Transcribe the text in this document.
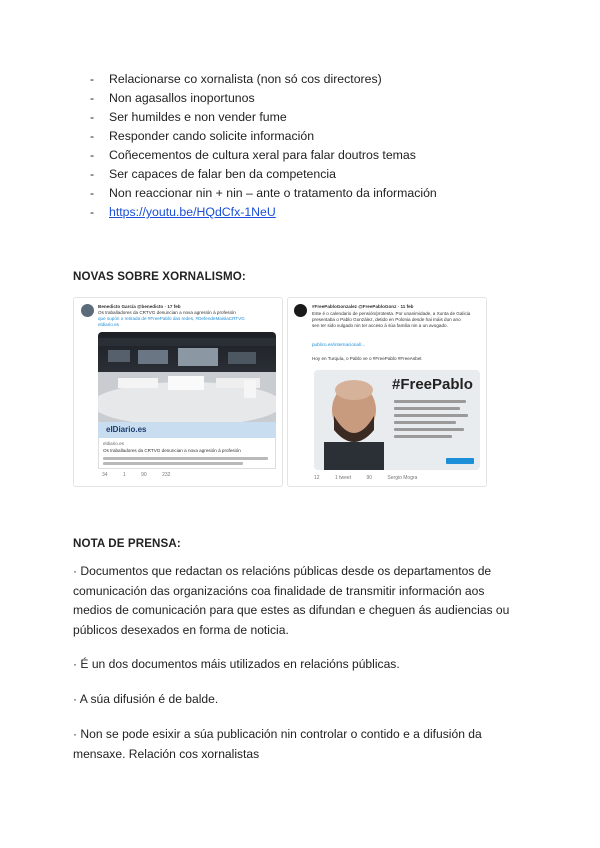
- Relacionarse co xornalista (non só cos directores)
- Non agasallos inoportunos
- Ser humildes e non vender fume
- Responder cando solicite información
- Coñecementos de cultura xeral para falar doutros temas
- Ser capaces de falar ben da competencia
- Non reaccionar nin + nin – ante o tratamento da información
- https://youtu.be/HQdCfx-1NeU
NOVAS SOBRE XORNALISMO:
Benedicto García @benedicto · 17 feb
Os traballadores da CRTVG denuncian a nova agresión á profesión
que supón o retirada de #FreePablo das redes, #DefendeMaislaCRTVG
eldiario.es
eIDiario.es
eldiario.es
Os traballadores da CRTVG denuncian a nova agresión á profesión
34	1	90	232
#FreePabloGonzalez @FreePabloGonz · 11 feb
Este é o calendario de pensión/protesta. Por unanimidade, a Xunta de Galicia
presentaba o Pablo González, detido en Polonia desde hai máis dun ano
sen ter sido xulgado nin ter acceso á súa familia nin a un avogado.
publico.es/internacional/...
Hoy en Turquía, o Pablo ve o #FreePablo #FreeAsbet
#FreePablo
12	1 tweet	90	Sergio Mogra
NOTA DE PRENSA:

· Documentos que redactan os relacións públicas desde os departamentos de comunicación das organizacións coa finalidade de transmitir información aos medios de comunicación para que estes as difundan e cheguen ás audiencias ou públicos desexados en forma de noticia.

· É un dos documentos máis utilizados en relacións públicas.

· A súa difusión é de balde.

· Non se pode esixir a súa publicación nin controlar o contido e a difusión da mensaxe. Relación cos xornalistas
